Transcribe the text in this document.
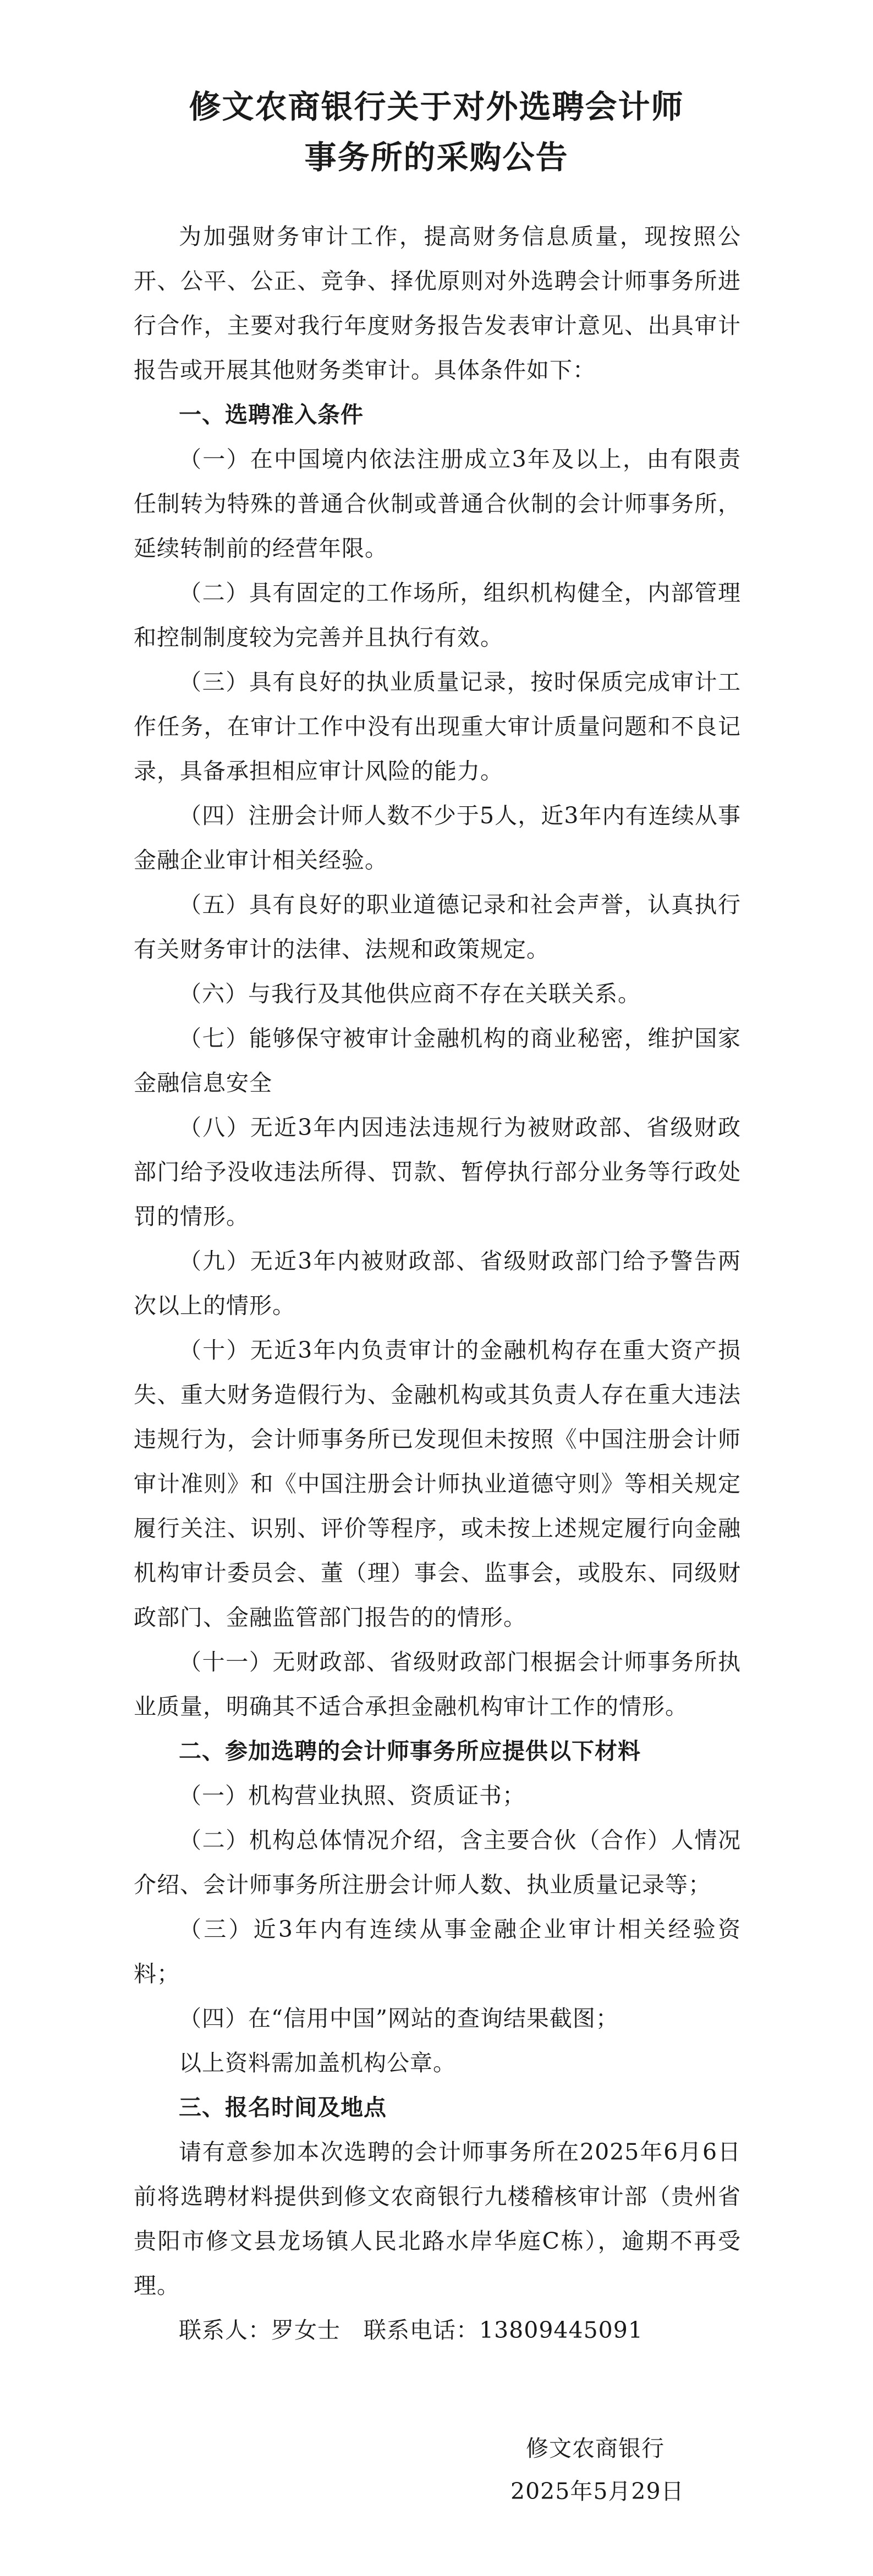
修文农商银行关于对外选聘会计师
事务所的采购公告

为加强财务审计工作，提高财务信息质量，现按照公开、公平、公正、竞争、择优原则对外选聘会计师事务所进行合作，主要对我行年度财务报告发表审计意见、出具审计报告或开展其他财务类审计。具体条件如下：

一、选聘准入条件

（一）在中国境内依法注册成立3年及以上，由有限责任制转为特殊的普通合伙制或普通合伙制的会计师事务所，延续转制前的经营年限。

（二）具有固定的工作场所，组织机构健全，内部管理和控制制度较为完善并且执行有效。

（三）具有良好的执业质量记录，按时保质完成审计工作任务，在审计工作中没有出现重大审计质量问题和不良记录，具备承担相应审计风险的能力。

（四）注册会计师人数不少于5人，近3年内有连续从事金融企业审计相关经验。

（五）具有良好的职业道德记录和社会声誉，认真执行有关财务审计的法律、法规和政策规定。

（六）与我行及其他供应商不存在关联关系。

（七）能够保守被审计金融机构的商业秘密，维护国家金融信息安全

（八）无近3年内因违法违规行为被财政部、省级财政部门给予没收违法所得、罚款、暂停执行部分业务等行政处罚的情形。

（九）无近3年内被财政部、省级财政部门给予警告两次以上的情形。

（十）无近3年内负责审计的金融机构存在重大资产损失、重大财务造假行为、金融机构或其负责人存在重大违法违规行为，会计师事务所已发现但未按照《中国注册会计师审计准则》和《中国注册会计师执业道德守则》等相关规定履行关注、识别、评价等程序，或未按上述规定履行向金融机构审计委员会、董（理）事会、监事会，或股东、同级财政部门、金融监管部门报告的的情形。

（十一）无财政部、省级财政部门根据会计师事务所执业质量，明确其不适合承担金融机构审计工作的情形。

二、参加选聘的会计师事务所应提供以下材料

（一）机构营业执照、资质证书；

（二）机构总体情况介绍，含主要合伙（合作）人情况介绍、会计师事务所注册会计师人数、执业质量记录等；

（三）近3年内有连续从事金融企业审计相关经验资料；

（四）在“信用中国”网站的查询结果截图；

以上资料需加盖机构公章。

三、报名时间及地点

请有意参加本次选聘的会计师事务所在2025年6月6日前将选聘材料提供到修文农商银行九楼稽核审计部（贵州省贵阳市修文县龙场镇人民北路水岸华庭C栋），逾期不再受理。

联系人：罗女士　联系电话：13809445091

修文农商银行
2025年5月29日
